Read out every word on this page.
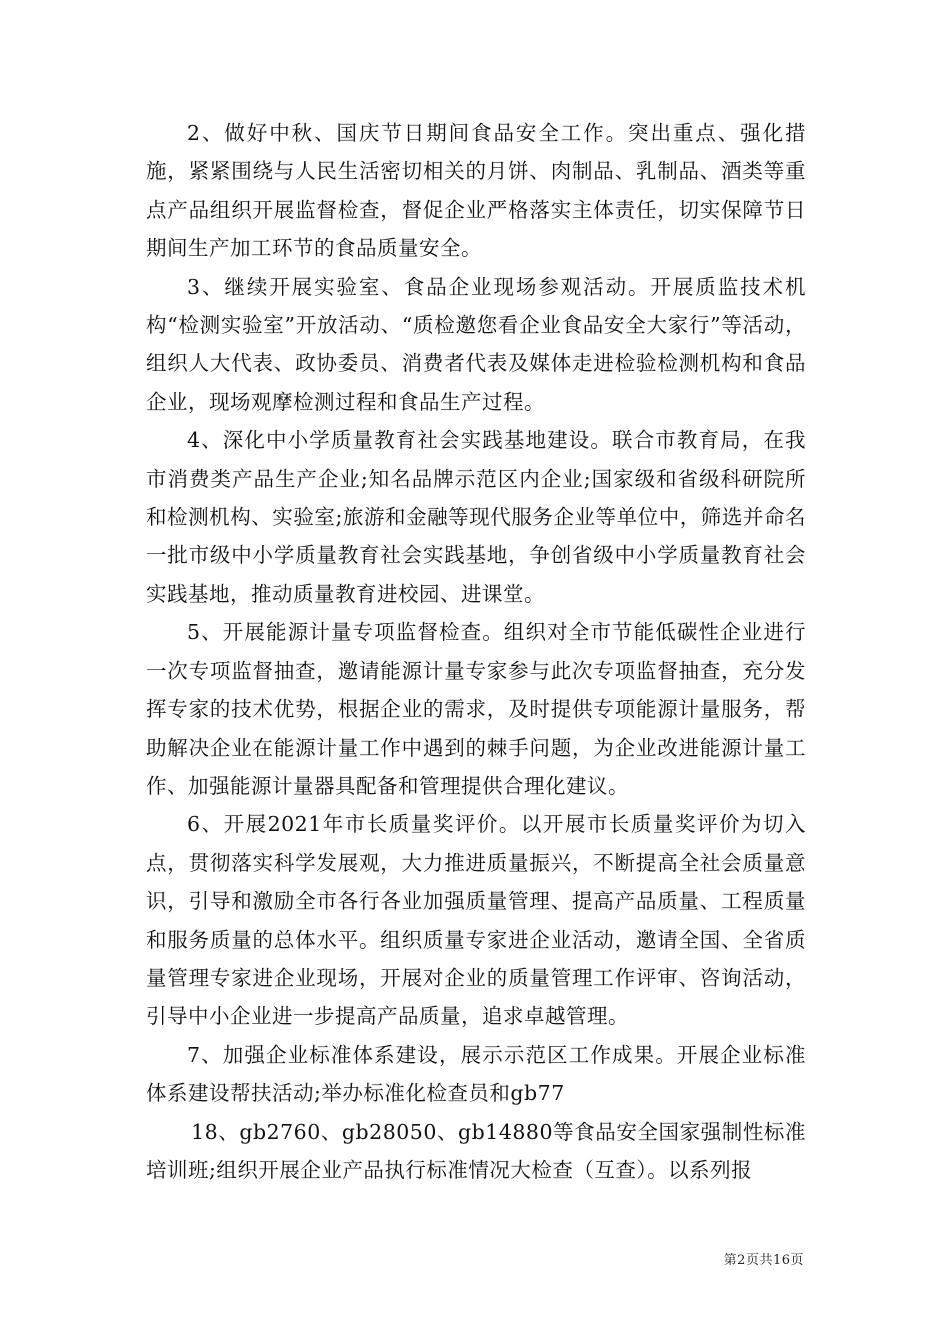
2、做好中秋、国庆节日期间食品安全工作。突出重点、强化措施，紧紧围绕与人民生活密切相关的月饼、肉制品、乳制品、酒类等重点产品组织开展监督检查，督促企业严格落实主体责任，切实保障节日期间生产加工环节的食品质量安全。

3、继续开展实验室、食品企业现场参观活动。开展质监技术机构“检测实验室”开放活动、“质检邀您看企业食品安全大家行”等活动，组织人大代表、政协委员、消费者代表及媒体走进检验检测机构和食品企业，现场观摩检测过程和食品生产过程。

4、深化中小学质量教育社会实践基地建设。联合市教育局，在我市消费类产品生产企业;知名品牌示范区内企业;国家级和省级科研院所和检测机构、实验室;旅游和金融等现代服务企业等单位中，筛选并命名一批市级中小学质量教育社会实践基地，争创省级中小学质量教育社会实践基地，推动质量教育进校园、进课堂。

5、开展能源计量专项监督检查。组织对全市节能低碳性企业进行一次专项监督抽查，邀请能源计量专家参与此次专项监督抽查，充分发挥专家的技术优势，根据企业的需求，及时提供专项能源计量服务，帮助解决企业在能源计量工作中遇到的棘手问题，为企业改进能源计量工作、加强能源计量器具配备和管理提供合理化建议。

6、开展2021年市长质量奖评价。以开展市长质量奖评价为切入点，贯彻落实科学发展观，大力推进质量振兴，不断提高全社会质量意识，引导和激励全市各行各业加强质量管理、提高产品质量、工程质量和服务质量的总体水平。组织质量专家进企业活动，邀请全国、全省质量管理专家进企业现场，开展对企业的质量管理工作评审、咨询活动，引导中小企业进一步提高产品质量，追求卓越管理。

7、加强企业标准体系建设，展示示范区工作成果。开展企业标准体系建设帮扶活动;举办标准化检查员和gb77

18、gb2760、gb28050、gb14880等食品安全国家强制性标准培训班;组织开展企业产品执行标准情况大检查（互查）。以系列报

第2页共16页
